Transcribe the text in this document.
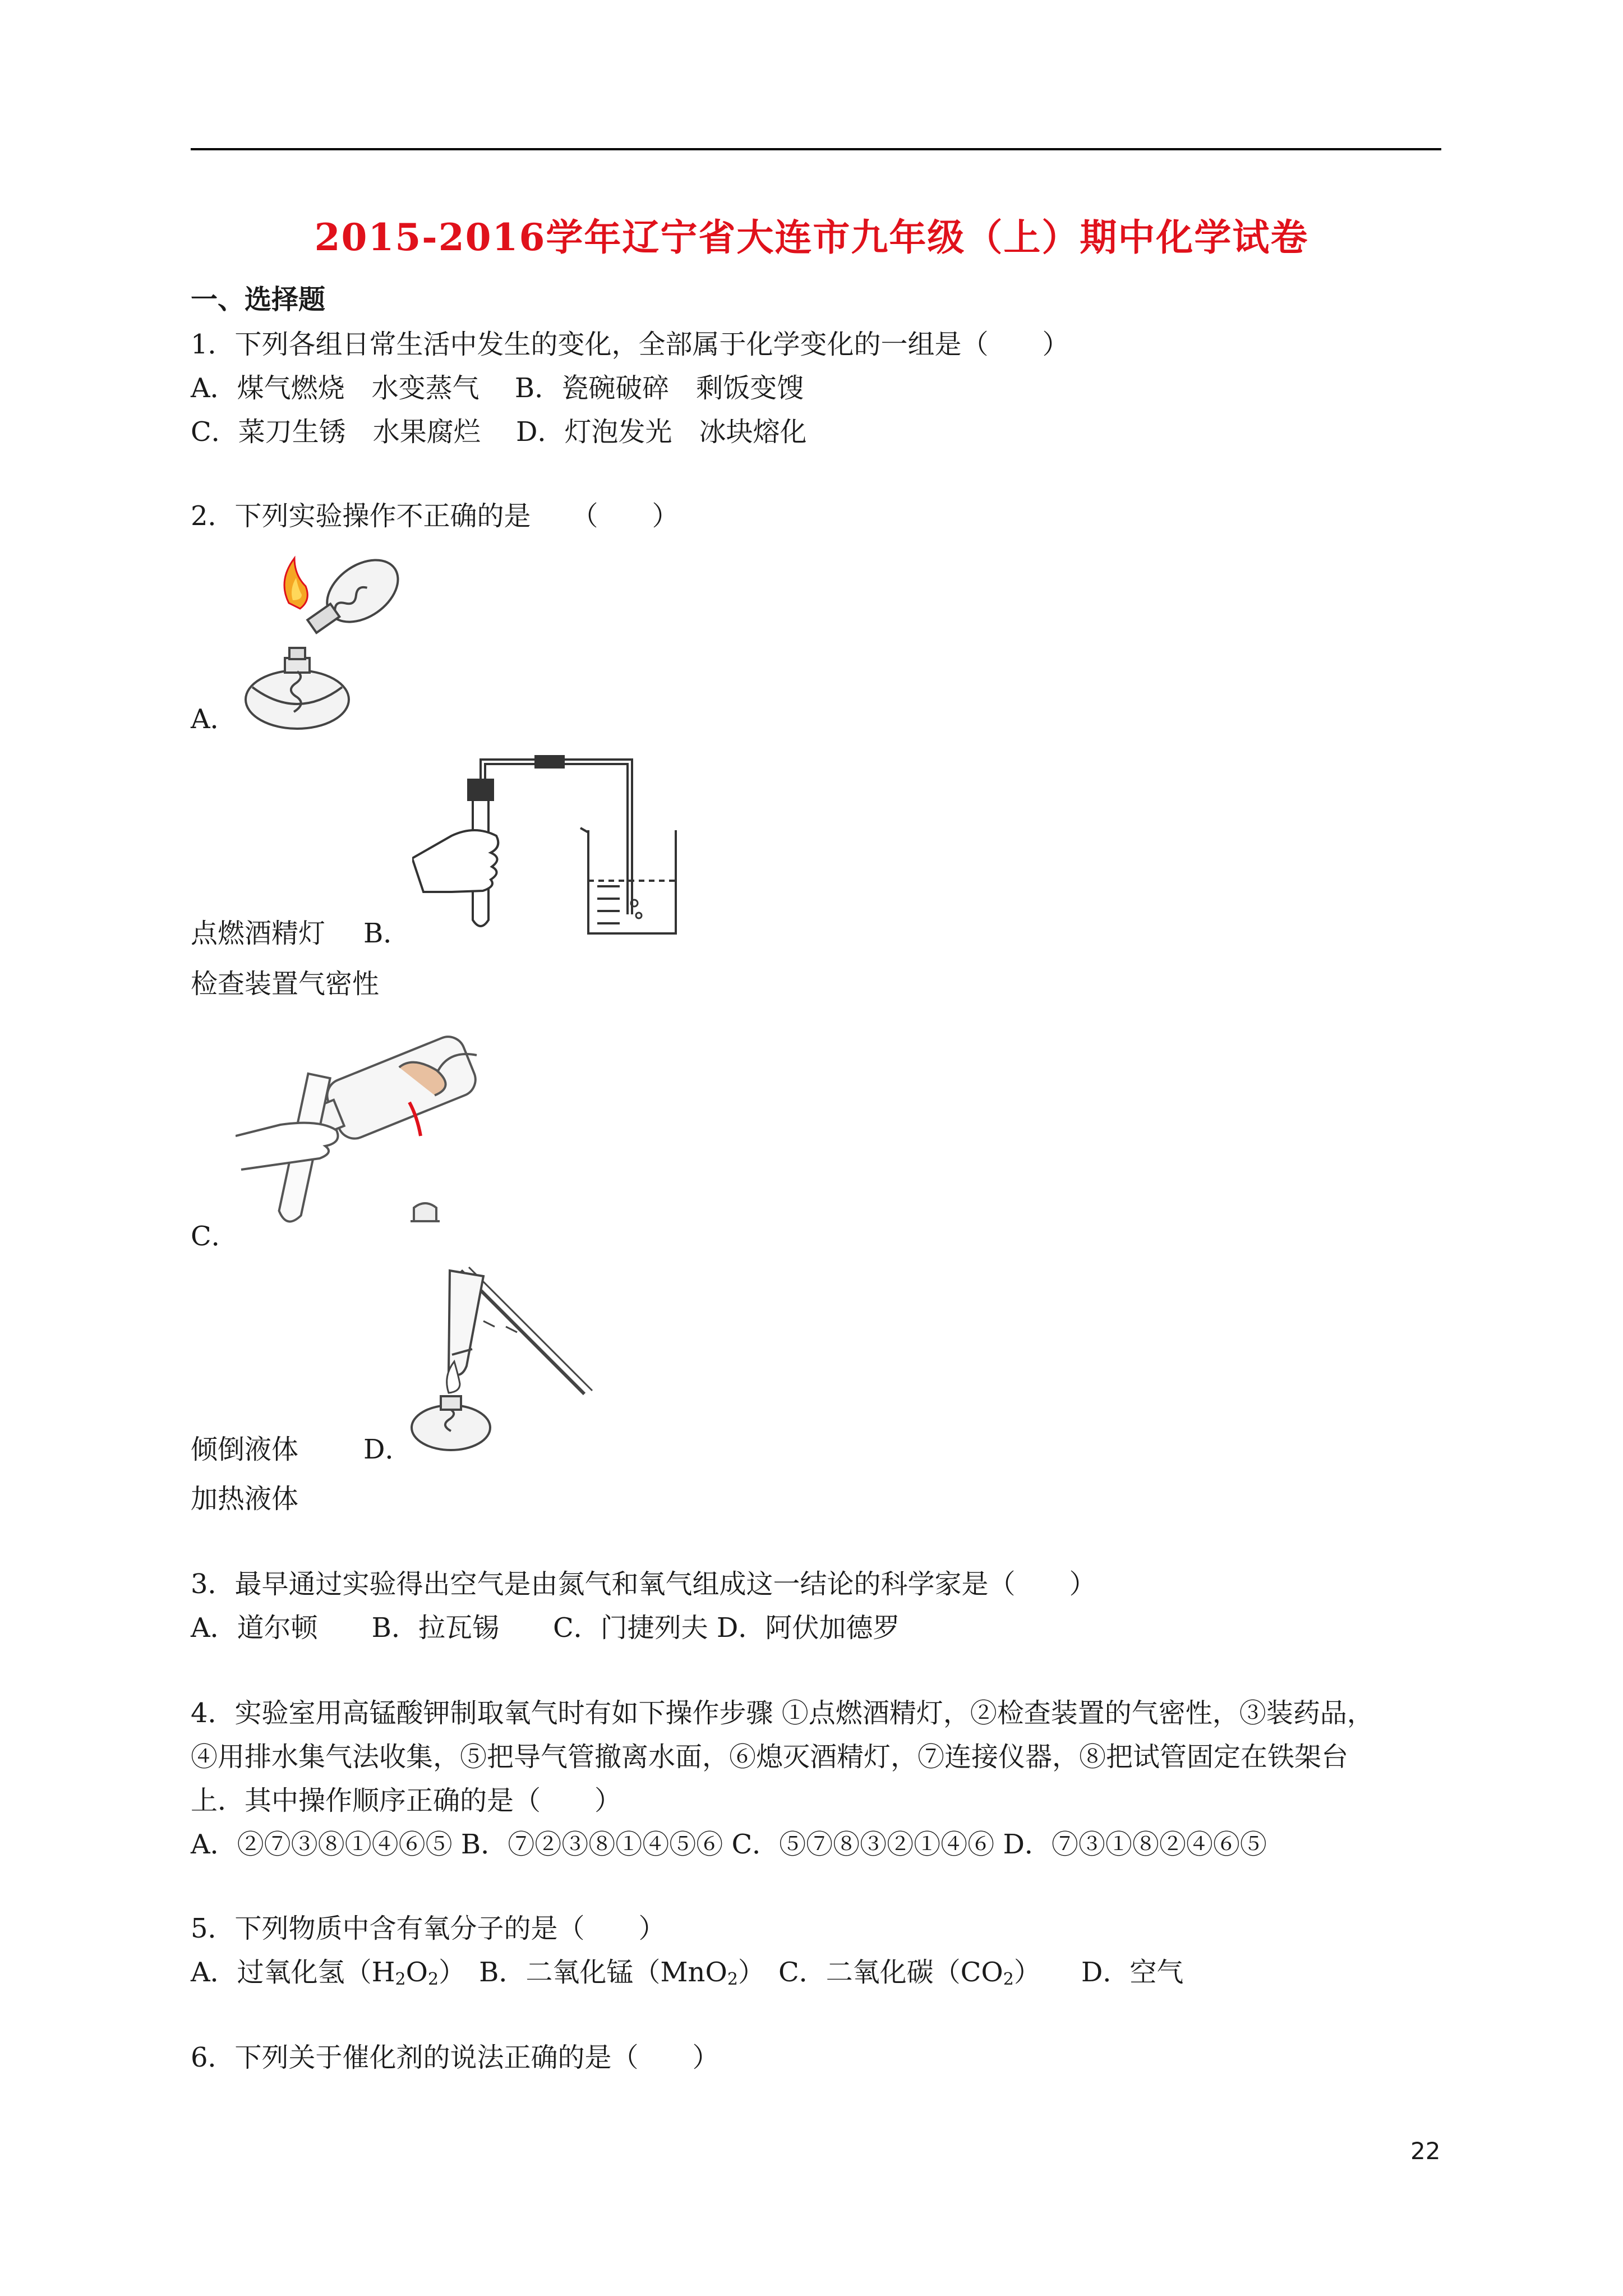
2015-2016学年辽宁省大连市九年级（上）期中化学试卷
一、选择题
1．下列各组日常生活中发生的变化，全部属于化学变化的一组是（　　）
A．煤气燃烧　水变蒸气　 B．瓷碗破碎　剩饭变馊
C．菜刀生锈　水果腐烂　 D．灯泡发光　冰块熔化
2．下列实验操作不正确的是　　（　　）
A．
点燃酒精灯 B．
检查装置气密性
C．
倾倒液体 D．
加热液体
3．最早通过实验得出空气是由氮气和氧气组成这一结论的科学家是（　　）
A．道尔顿　　B．拉瓦锡　　C．门捷列夫 D．阿伏加德罗
4．实验室用高锰酸钾制取氧气时有如下操作步骤 ①点燃酒精灯，②检查装置的气密性，③装药品，
④用排水集气法收集，⑤把导气管撤离水面，⑥熄灭酒精灯，⑦连接仪器，⑧把试管固定在铁架台
上．其中操作顺序正确的是（　　）
A．②⑦③⑧①④⑥⑤ B．⑦②③⑧①④⑤⑥ C．⑤⑦⑧③②①④⑥ D．⑦③①⑧②④⑥⑤
5．下列物质中含有氧分子的是（　　）
A．过氧化氢$(H_2O_2)$　 B．二氧化锰（MnO$_2$）　 C．二氧化碳$(CO_2)$　　 D．空气
6．下列关于催化剂的说法正确的是（　　）
22
